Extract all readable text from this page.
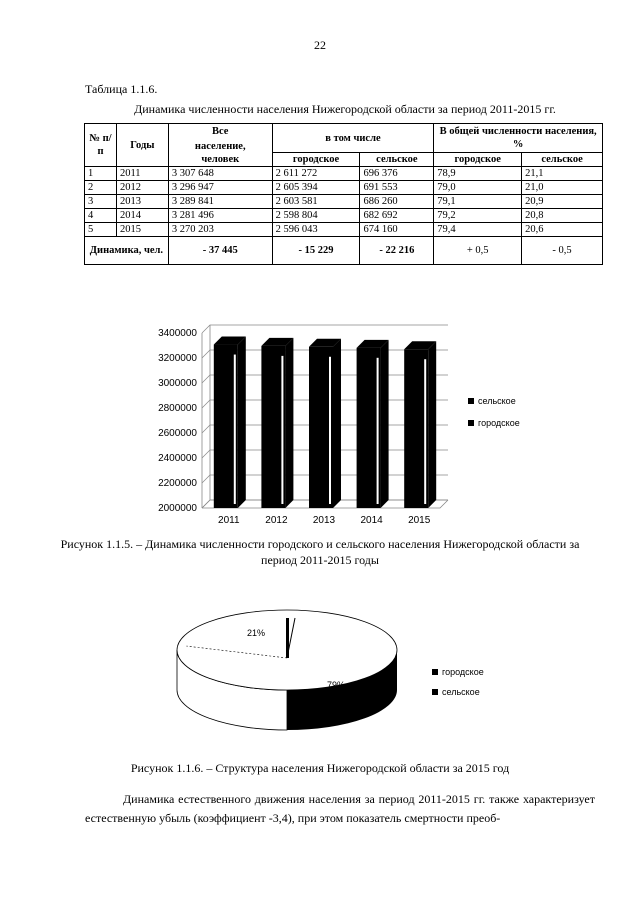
22
Таблица 1.1.6.
Динамика численности населения Нижегородской области за период 2011-2015 гг.
№ п/п	Годы	Все	в том числе		В общей численности населения, %	
		население,				
		человек	городское	сельское	городское	сельское
1	2011	3 307 648	2 611 272	696 376	78,9	21,1
2	2012	3 296 947	2 605 394	691 553	79,0	21,0
3	2013	3 289 841	2 603 581	686 260	79,1	20,9
4	2014	3 281 496	2 598 804	682 692	79,2	20,8
5	2015	3 270 203	2 596 043	674 160	79,4	20,6
Динамика, чел.		- 37 445	- 15 229	- 22 216	+ 0,5	- 0,5
2000000
2200000
2400000
2600000
2800000
3000000
3200000
3400000
2011	2012	2013	2014	2015
сельское
городское
Рисунок 1.1.5. – Динамика численности городского и сельского населения Нижегородской области за период 2011-2015 годы
21%
79%
городское
сельское
Рисунок 1.1.6. – Структура населения Нижегородской области за 2015 год
Динамика естественного движения населения за период 2011-2015 гг. также характеризует естественную убыль (коэффициент -3,4), при этом показатель смертности преоб-
